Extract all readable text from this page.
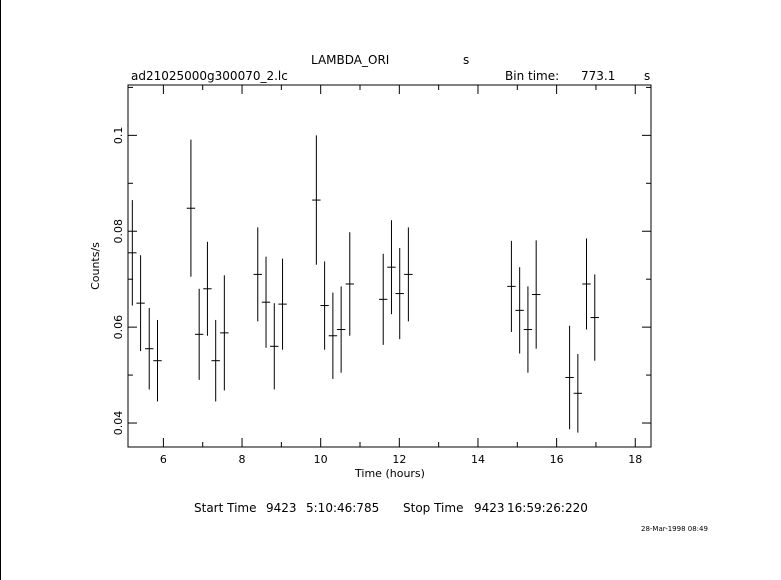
LAMBDA_ORI	s
ad21025000g300070_2.lc	Bin time: 773.1 s
6	8	10	12	14	16	18
0.04
0.06
0.08
0.1
Time (hours)
Counts/s
Start Time 9423 5:10:46:785 Stop Time 9423 16:59:26:220
28-Mar-1998 08:49
